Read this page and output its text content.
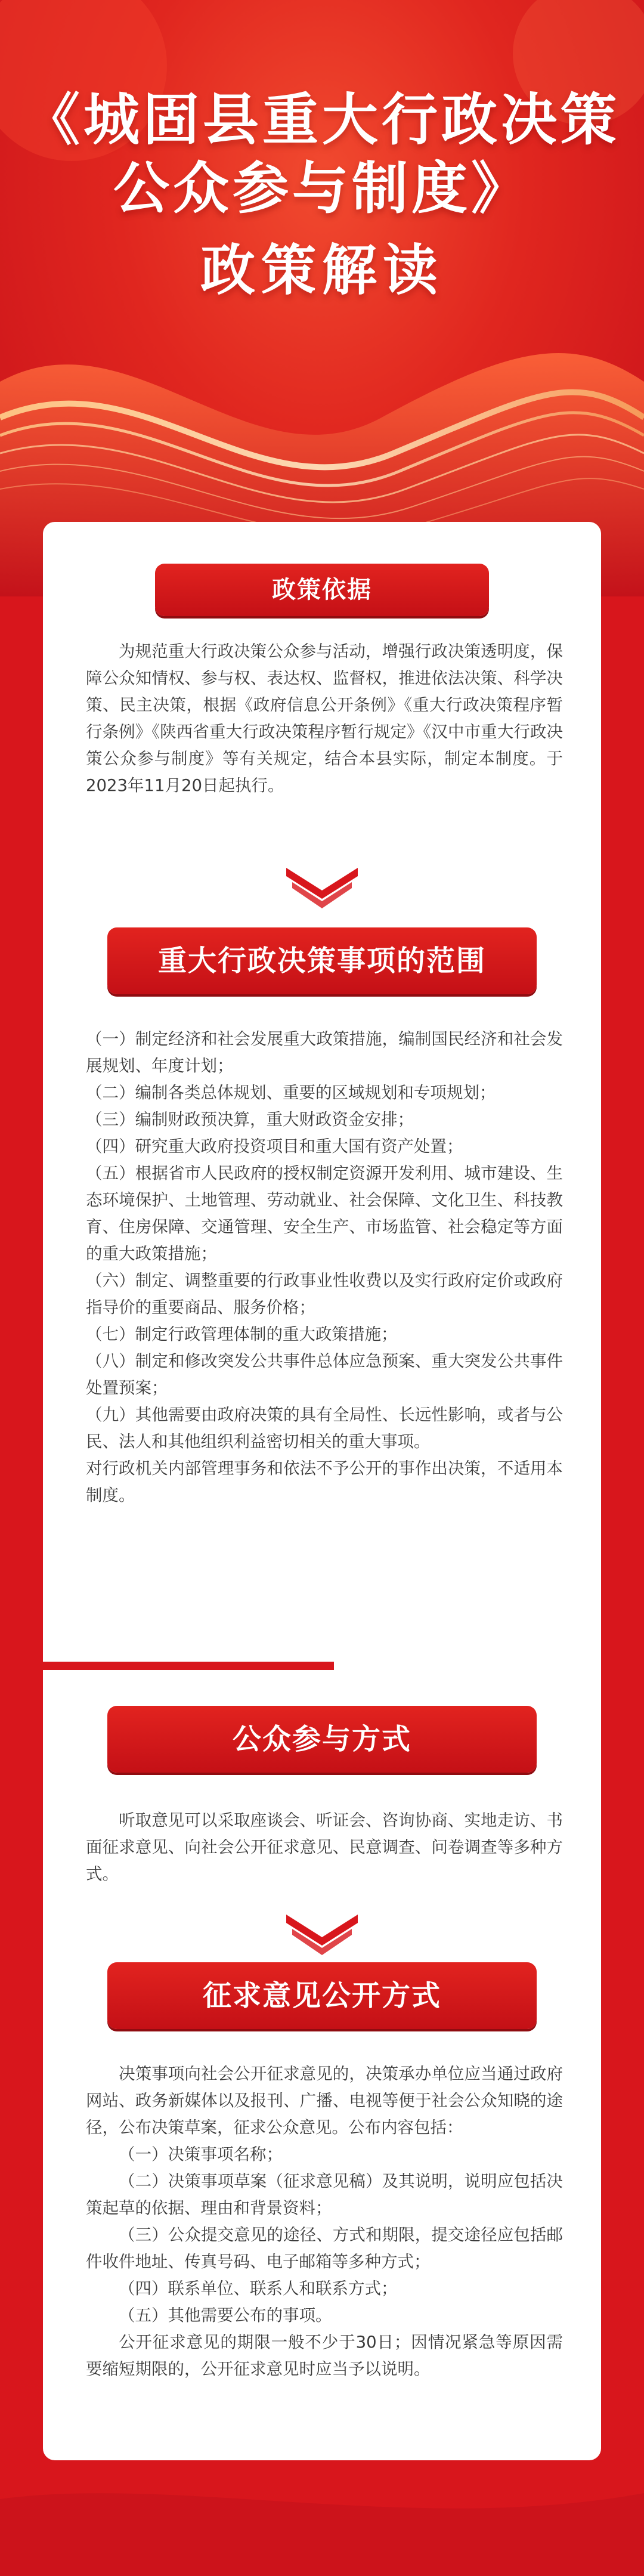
《城固县重大行政决策
公众参与制度》
政策解读
政策依据

为规范重大行政决策公众参与活动，增强行政决策透明度，保障公众知情权、参与权、表达权、监督权，推进依法决策、科学决策、民主决策，根据《政府信息公开条例》《重大行政决策程序暂行条例》《陕西省重大行政决策程序暂行规定》《汉中市重大行政决策公众参与制度》等有关规定，结合本县实际，制定本制度。于2023年11月20日起执行。

重大行政决策事项的范围

（一）制定经济和社会发展重大政策措施，编制国民经济和社会发展规划、年度计划；

（二）编制各类总体规划、重要的区域规划和专项规划；

（三）编制财政预决算，重大财政资金安排；

（四）研究重大政府投资项目和重大国有资产处置；

（五）根据省市人民政府的授权制定资源开发利用、城市建设、生态环境保护、土地管理、劳动就业、社会保障、文化卫生、科技教育、住房保障、交通管理、安全生产、市场监管、社会稳定等方面的重大政策措施；

（六）制定、调整重要的行政事业性收费以及实行政府定价或政府指导价的重要商品、服务价格；

（七）制定行政管理体制的重大政策措施；

（八）制定和修改突发公共事件总体应急预案、重大突发公共事件处置预案；

（九）其他需要由政府决策的具有全局性、长远性影响，或者与公民、法人和其他组织利益密切相关的重大事项。

对行政机关内部管理事务和依法不予公开的事作出决策，不适用本制度。

公众参与方式

听取意见可以采取座谈会、听证会、咨询协商、实地走访、书面征求意见、向社会公开征求意见、民意调查、问卷调查等多种方式。

征求意见公开方式

决策事项向社会公开征求意见的，决策承办单位应当通过政府网站、政务新媒体以及报刊、广播、电视等便于社会公众知晓的途径，公布决策草案，征求公众意见。公布内容包括：

（一）决策事项名称；

（二）决策事项草案（征求意见稿）及其说明，说明应包括决策起草的依据、理由和背景资料；

（三）公众提交意见的途径、方式和期限，提交途径应包括邮件收件地址、传真号码、电子邮箱等多种方式；

（四）联系单位、联系人和联系方式；

（五）其他需要公布的事项。

公开征求意见的期限一般不少于30日；因情况紧急等原因需要缩短期限的，公开征求意见时应当予以说明。
